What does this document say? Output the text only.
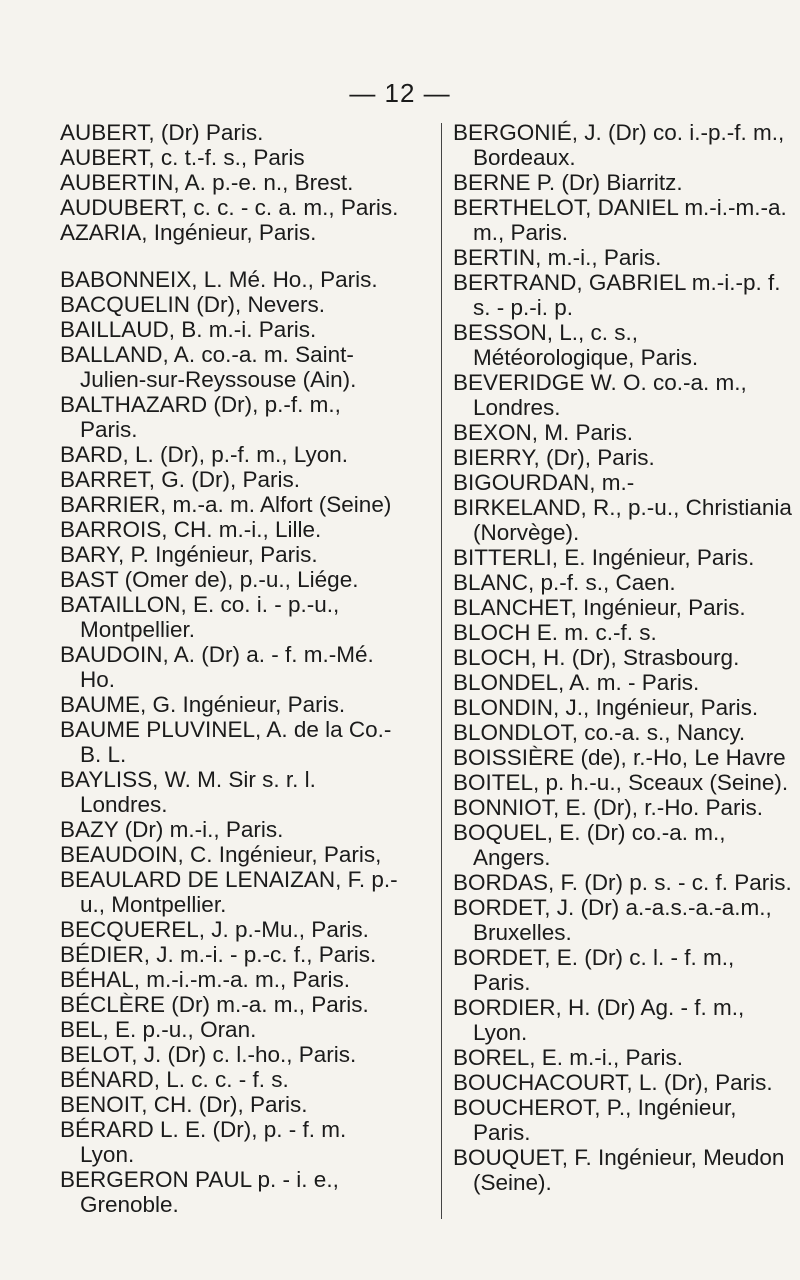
— 12 —
AUBERT, (Dr) Paris.
AUBERT, c. t.-f. s., Paris
AUBERTIN, A. p.-e. n., Brest.
AUDUBERT, c. c. - c. a. m., Paris.
AZARIA, Ingénieur, Paris.
BABONNEIX, L. Mé. Ho., Paris.
BACQUELIN (Dr), Nevers.
BAILLAUD, B. m.-i. Paris.
BALLAND, A. co.-a. m. Saint-Julien-sur-Reyssouse (Ain).
BALTHAZARD (Dr), p.-f. m., Paris.
BARD, L. (Dr), p.-f. m., Lyon.
BARRET, G. (Dr), Paris.
BARRIER, m.-a. m. Alfort (Seine)
BARROIS, CH. m.-i., Lille.
BARY, P. Ingénieur, Paris.
BAST (Omer de), p.-u., Liége.
BATAILLON, E. co. i. - p.-u., Montpellier.
BAUDOIN, A. (Dr) a. - f. m.-Mé. Ho.
BAUME, G. Ingénieur, Paris.
BAUME PLUVINEL, A. de la Co.-B. L.
BAYLISS, W. M. Sir s. r. l. Londres.
BAZY (Dr) m.-i., Paris.
BEAUDOIN, C. Ingénieur, Paris,
BEAULARD DE LENAIZAN, F. p.-u., Montpellier.
BECQUEREL, J. p.-Mu., Paris.
BÉDIER, J. m.-i. - p.-c. f., Paris.
BÉHAL, m.-i.-m.-a. m., Paris.
BÉCLÈRE (Dr) m.-a. m., Paris.
BEL, E. p.-u., Oran.
BELOT, J. (Dr) c. l.-ho., Paris.
BÉNARD, L. c. c. - f. s.
BENOIT, CH. (Dr), Paris.
BÉRARD L. E. (Dr), p. - f. m. Lyon.
BERGERON PAUL p. - i. e., Grenoble.
BERGONIÉ, J. (Dr) co. i.-p.-f. m., Bordeaux.
BERNE P. (Dr) Biarritz.
BERTHELOT, DANIEL m.-i.-m.-a. m., Paris.
BERTIN, m.-i., Paris.
BERTRAND, GABRIEL m.-i.-p. f. s. - p.-i. p.
BESSON, L., c. s., Météorologique, Paris.
BEVERIDGE W. O. co.-a. m., Londres.
BEXON, M. Paris.
BIERRY, (Dr), Paris.
BIGOURDAN, m.-
BIRKELAND, R., p.-u., Christiania (Norvège).
BITTERLI, E. Ingénieur, Paris.
BLANC, p.-f. s., Caen.
BLANCHET, Ingénieur, Paris.
BLOCH E. m. c.-f. s.
BLOCH, H. (Dr), Strasbourg.
BLONDEL, A. m. - Paris.
BLONDIN, J., Ingénieur, Paris.
BLONDLOT, co.-a. s., Nancy.
BOISSIÈRE (de), r.-Ho, Le Havre
BOITEL, p. h.-u., Sceaux (Seine).
BONNIOT, E. (Dr), r.-Ho. Paris.
BOQUEL, E. (Dr) co.-a. m., Angers.
BORDAS, F. (Dr) p. s. - c. f. Paris.
BORDET, J. (Dr) a.-a.s.-a.-a.m., Bruxelles.
BORDET, E. (Dr) c. l. - f. m., Paris.
BORDIER, H. (Dr) Ag. - f. m., Lyon.
BOREL, E. m.-i., Paris.
BOUCHACOURT, L. (Dr), Paris.
BOUCHEROT, P., Ingénieur, Paris.
BOUQUET, F. Ingénieur, Meudon (Seine).
